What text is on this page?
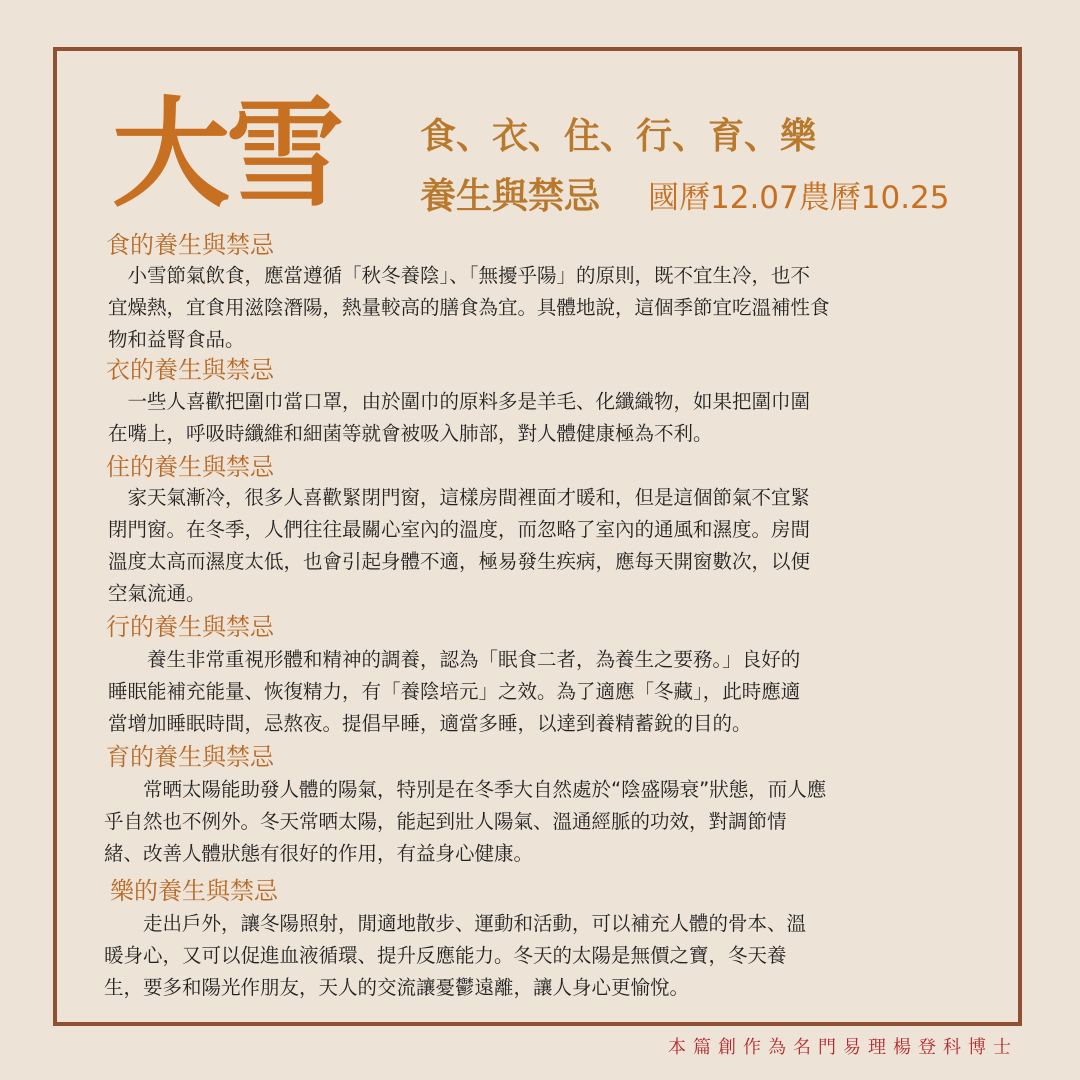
大雪 食、衣、住、行、育、樂
養生與禁忌 國曆12.07農曆10.25
食的養生與禁忌
　小雪節氣飲食，應當遵循「秋冬養陰」、「無擾乎陽」的原則，既不宜生冷，也不
宜燥熱，宜食用滋陰潛陽，熱量較高的膳食為宜。具體地說，這個季節宜吃溫補性食
物和益腎食品。
衣的養生與禁忌
　一些人喜歡把圍巾當口罩，由於圍巾的原料多是羊毛、化纖織物，如果把圍巾圍
在嘴上，呼吸時纖維和細菌等就會被吸入肺部，對人體健康極為不利。
住的養生與禁忌
　家天氣漸冷，很多人喜歡緊閉門窗，這樣房間裡面才暖和，但是這個節氣不宜緊
閉門窗。在冬季，人們往往最關心室內的溫度，而忽略了室內的通風和濕度。房間
溫度太高而濕度太低，也會引起身體不適，極易發生疾病，應每天開窗數次，以便
空氣流通。
行的養生與禁忌
　　養生非常重視形體和精神的調養，認為「眠食二者，為養生之要務。」良好的
睡眠能補充能量、恢復精力，有「養陰培元」之效。為了適應「冬藏」，此時應適
當增加睡眠時間，忌熬夜。提倡早睡，適當多睡，以達到養精蓄銳的目的。
育的養生與禁忌
　　常晒太陽能助發人體的陽氣，特別是在冬季大自然處於“陰盛陽衰”狀態，而人應
乎自然也不例外。冬天常晒太陽，能起到壯人陽氣、溫通經脈的功效，對調節情
緒、改善人體狀態有很好的作用，有益身心健康。
樂的養生與禁忌
　　走出戶外，讓冬陽照射，閒適地散步、運動和活動，可以補充人體的骨本、溫
暖身心，又可以促進血液循環、提升反應能力。冬天的太陽是無價之寶，冬天養
生，要多和陽光作朋友，天人的交流讓憂鬱遠離，讓人身心更愉悅。
本篇創作為名門易理楊登科博士
